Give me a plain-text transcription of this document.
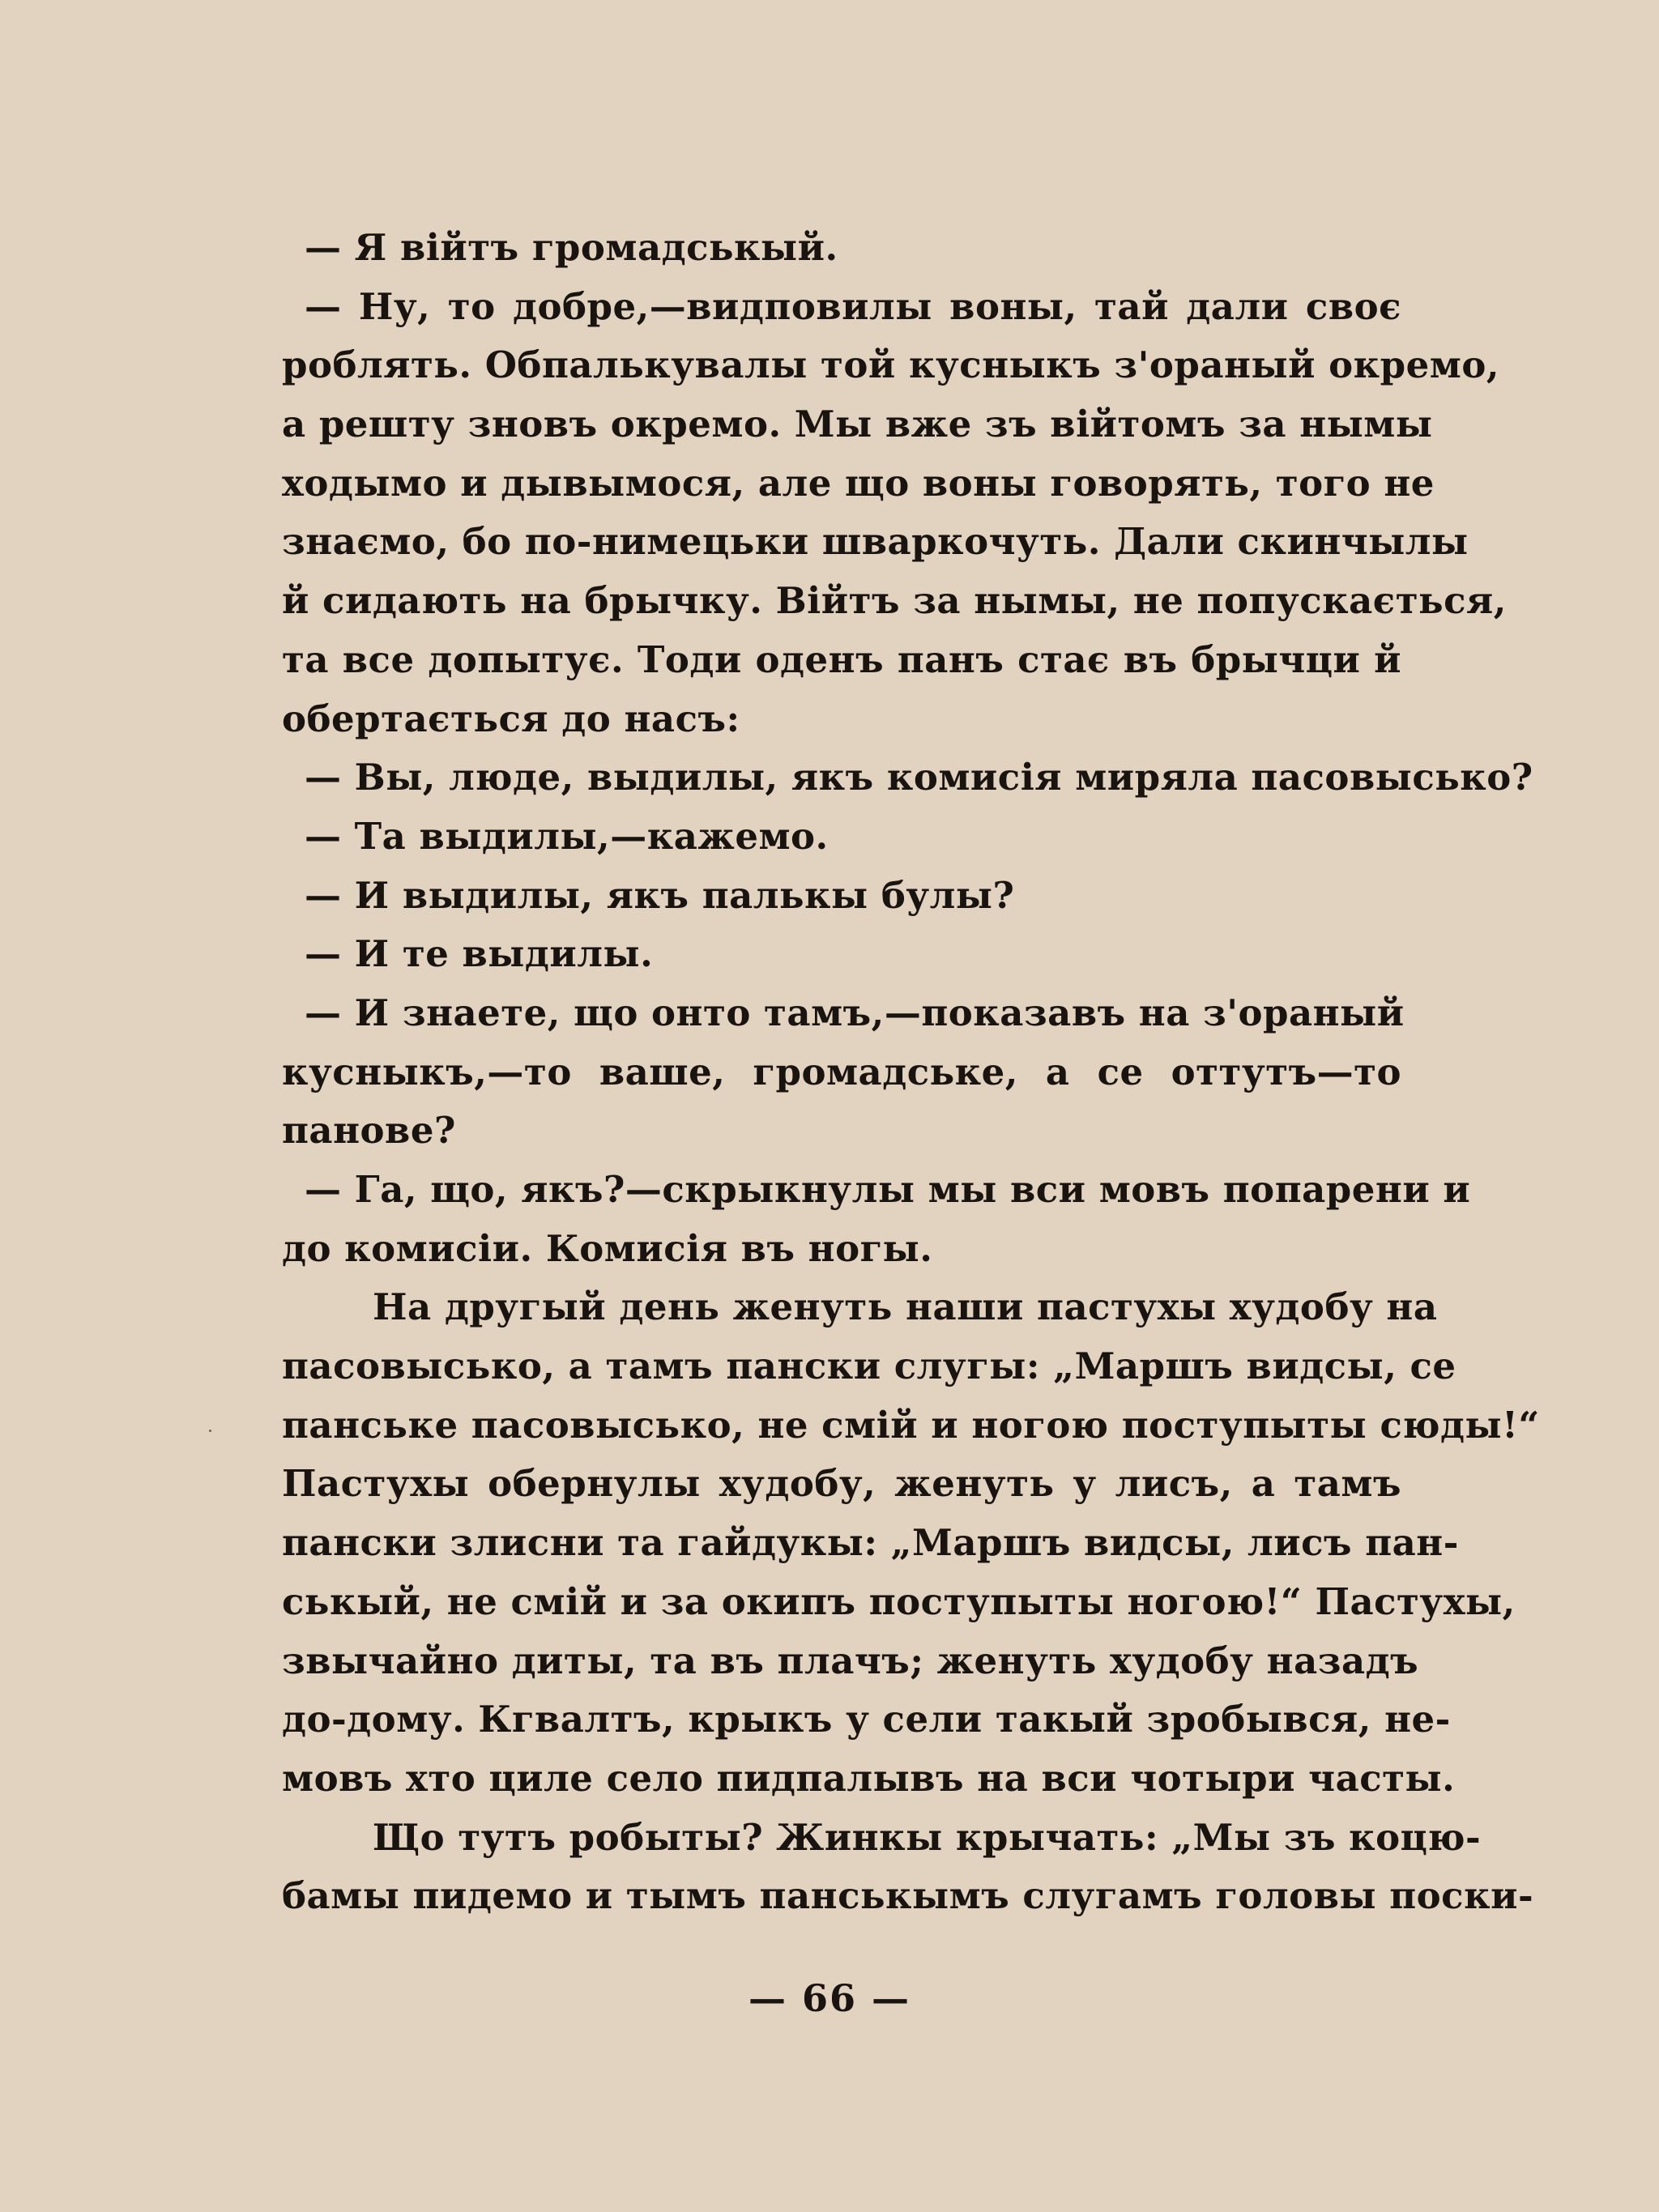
— Я війтъ громадськый.
— Ну, то добре,—видповилы воны, тай дали своє
роблять. Обпалькувалы той кусныкъ з'ораный окремо,
а решту зновъ окремо. Мы вже зъ війтомъ за нымы
ходымо и дывымося, але що воны говорять, того не
знаємо, бо по-нимецьки шваркочуть. Дали скинчылы
й сидають на брычку. Війтъ за нымы, не попускається,
та все допытує. Тоди оденъ панъ стає въ брычци й
обертається до насъ:
— Вы, люде, выдилы, якъ комисія миряла пасовысько?
— Та выдилы,—кажемо.
— И выдилы, якъ палькы булы?
— И те выдилы.
— И знаете, що онто тамъ,—показавъ на з'ораный
кусныкъ,—то ваше, громадське, а се оттутъ—то
панове?
— Га, що, якъ?—скрыкнулы мы вси мовъ попарени и
до комисіи. Комисія въ ногы.
На другый день женуть наши пастухы худобу на
пасовысько, а тамъ пански слугы: „Маршъ видсы, се
панське пасовысько, не смій и ногою поступыты сюды!“
Пастухы обернулы худобу, женуть у лисъ, а тамъ
пански злисни та гайдукы: „Маршъ видсы, лисъ пан-
ськый, не смій и за окипъ поступыты ногою!“ Пастухы,
звычайно диты, та въ плачъ; женуть худобу назадъ
до-дому. Кгвалтъ, крыкъ у сели такый зробывся, не-
мовъ хто циле село пидпалывъ на вси чотыри часты.
Що тутъ робыты? Жинкы крычать: „Мы зъ коцю-
бамы пидемо и тымъ панськымъ слугамъ головы поски-
— 66 —
